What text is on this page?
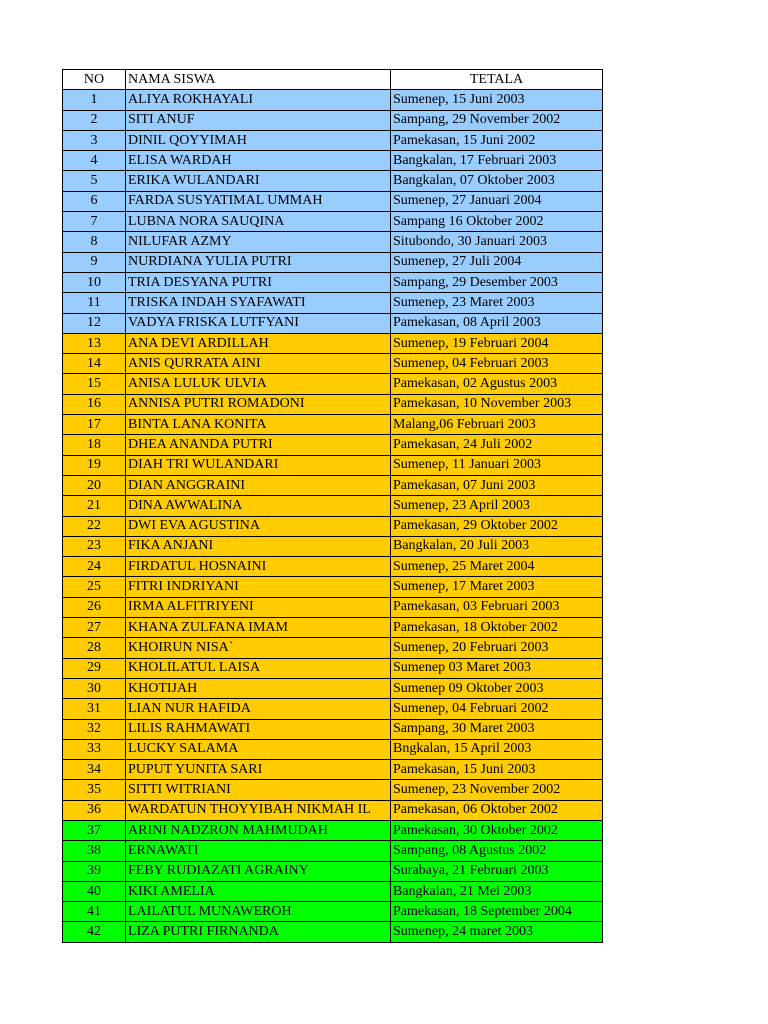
NO	NAMA SISWA	TETALA
1	ALIYA ROKHAYALI	Sumenep, 15 Juni 2003
2	SITI ANUF	Sampang, 29 November 2002
3	DINIL QOYYIMAH	Pamekasan, 15 Juni 2002
4	ELISA WARDAH	Bangkalan, 17 Februari 2003
5	ERIKA WULANDARI	Bangkalan, 07 Oktober 2003
6	FARDA SUSYATIMAL UMMAH	Sumenep, 27 Januari 2004
7	LUBNA NORA SAUQINA	Sampang 16 Oktober 2002
8	NILUFAR AZMY	Situbondo, 30 Januari 2003
9	NURDIANA YULIA PUTRI	Sumenep, 27 Juli 2004
10	TRIA DESYANA PUTRI	Sampang, 29 Desember 2003
11	TRISKA INDAH SYAFAWATI	Sumenep, 23 Maret 2003
12	VADYA FRISKA LUTFYANI	Pamekasan, 08 April 2003
13	ANA DEVI ARDILLAH	Sumenep, 19 Februari 2004
14	ANIS QURRATA AINI	Sumenep, 04 Februari 2003
15	ANISA LULUK ULVIA	Pamekasan, 02 Agustus 2003
16	ANNISA PUTRI ROMADONI	Pamekasan, 10 November 2003
17	BINTA LANA KONITA	Malang,06 Februari 2003
18	DHEA ANANDA PUTRI	Pamekasan, 24 Juli 2002
19	DIAH TRI WULANDARI	Sumenep, 11 Januari 2003
20	DIAN ANGGRAINI	Pamekasan, 07 Juni 2003
21	DINA AWWALINA	Sumenep, 23 April 2003
22	DWI EVA AGUSTINA	Pamekasan, 29 Oktober 2002
23	FIKA ANJANI	Bangkalan, 20 Juli 2003
24	FIRDATUL HOSNAINI	Sumenep, 25 Maret 2004
25	FITRI INDRIYANI	Sumenep, 17 Maret 2003
26	IRMA ALFITRIYENI	Pamekasan, 03 Februari 2003
27	KHANA ZULFANA IMAM	Pamekasan, 18 Oktober 2002
28	KHOIRUN NISA`	Sumenep, 20 Februari 2003
29	KHOLILATUL LAISA	Sumenep 03 Maret 2003
30	KHOTIJAH	Sumenep 09 Oktober 2003
31	LIAN NUR HAFIDA	Sumenep, 04 Februari 2002
32	LILIS RAHMAWATI	Sampang, 30 Maret 2003
33	LUCKY SALAMA	Bngkalan, 15 April 2003
34	PUPUT YUNITA SARI	Pamekasan, 15 Juni 2003
35	SITTI WITRIANI	Sumenep, 23 November 2002
36	WARDATUN THOYYIBAH NIKMAH IL	Pamekasan, 06 Oktober 2002
37	ARINI NADZRON MAHMUDAH	Pamekasan, 30 Oktober 2002
38	ERNAWATI	Sampang, 08 Agustus 2002
39	FEBY RUDIAZATI AGRAINY	Surabaya, 21 Februari 2003
40	KIKI AMELIA	Bangkalan, 21 Mei 2003
41	LAILATUL MUNAWEROH	Pamekasan, 18 September 2004
42	LIZA PUTRI FIRNANDA	Sumenep, 24 maret 2003
